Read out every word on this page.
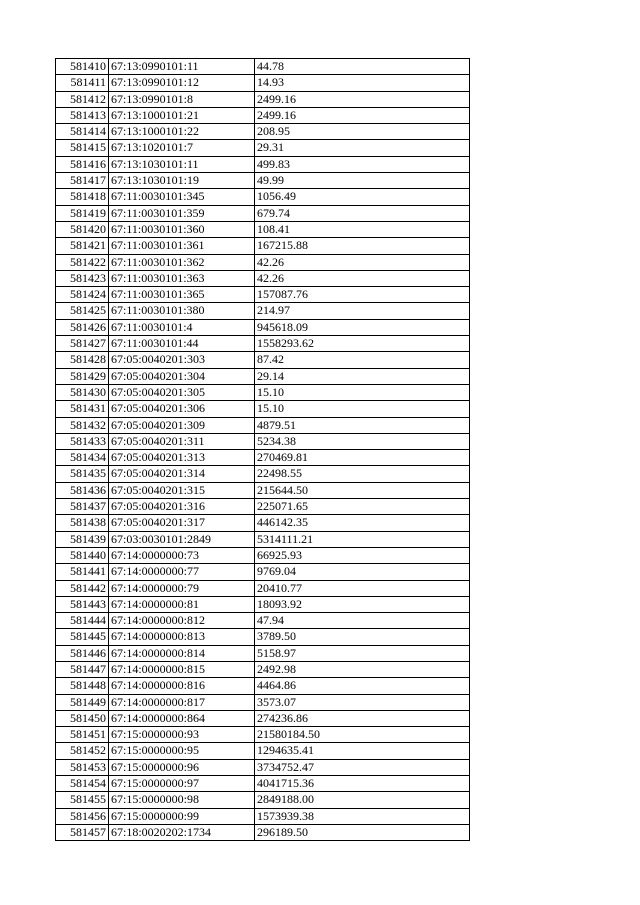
581410	67:13:0990101:11	44.78
581411	67:13:0990101:12	14.93
581412	67:13:0990101:8	2499.16
581413	67:13:1000101:21	2499.16
581414	67:13:1000101:22	208.95
581415	67:13:1020101:7	29.31
581416	67:13:1030101:11	499.83
581417	67:13:1030101:19	49.99
581418	67:11:0030101:345	1056.49
581419	67:11:0030101:359	679.74
581420	67:11:0030101:360	108.41
581421	67:11:0030101:361	167215.88
581422	67:11:0030101:362	42.26
581423	67:11:0030101:363	42.26
581424	67:11:0030101:365	157087.76
581425	67:11:0030101:380	214.97
581426	67:11:0030101:4	945618.09
581427	67:11:0030101:44	1558293.62
581428	67:05:0040201:303	87.42
581429	67:05:0040201:304	29.14
581430	67:05:0040201:305	15.10
581431	67:05:0040201:306	15.10
581432	67:05:0040201:309	4879.51
581433	67:05:0040201:311	5234.38
581434	67:05:0040201:313	270469.81
581435	67:05:0040201:314	22498.55
581436	67:05:0040201:315	215644.50
581437	67:05:0040201:316	225071.65
581438	67:05:0040201:317	446142.35
581439	67:03:0030101:2849	5314111.21
581440	67:14:0000000:73	66925.93
581441	67:14:0000000:77	9769.04
581442	67:14:0000000:79	20410.77
581443	67:14:0000000:81	18093.92
581444	67:14:0000000:812	47.94
581445	67:14:0000000:813	3789.50
581446	67:14:0000000:814	5158.97
581447	67:14:0000000:815	2492.98
581448	67:14:0000000:816	4464.86
581449	67:14:0000000:817	3573.07
581450	67:14:0000000:864	274236.86
581451	67:15:0000000:93	21580184.50
581452	67:15:0000000:95	1294635.41
581453	67:15:0000000:96	3734752.47
581454	67:15:0000000:97	4041715.36
581455	67:15:0000000:98	2849188.00
581456	67:15:0000000:99	1573939.38
581457	67:18:0020202:1734	296189.50
